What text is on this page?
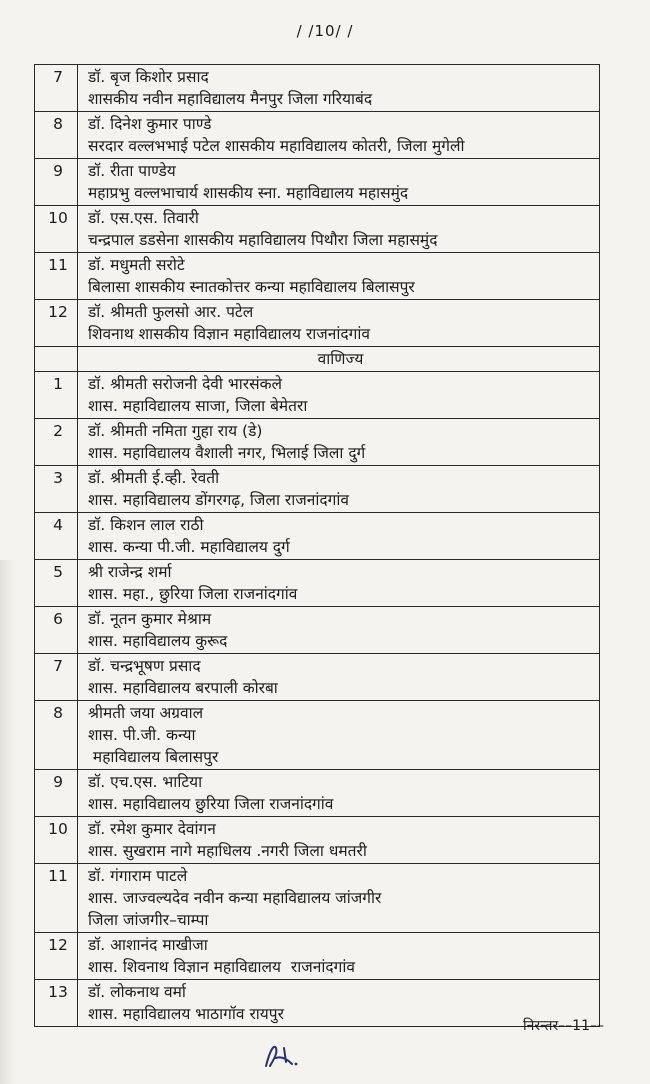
/ /10/ /
7	डॉ. बृज किशोर प्रसाद
शासकीय नवीन महाविद्यालय मैनपुर जिला गरियाबंद

8	डॉ. दिनेश कुमार पाण्डे
सरदार वल्लभभाई पटेल शासकीय महाविद्यालय कोतरी, जिला मुगेली

9	डॉ. रीता पाण्डेय
महाप्रभु वल्लभाचार्य शासकीय स्ना. महाविद्यालय महासमुंद

10	डॉ. एस.एस. तिवारी
चन्द्रपाल डडसेना शासकीय महाविद्यालय पिथौरा जिला महासमुंद

11	डॉ. मधुमती सरोटे
बिलासा शासकीय स्नातकोत्तर कन्या महाविद्यालय बिलासपुर

12	डॉ. श्रीमती फुलसो आर. पटेल
शिवनाथ शासकीय विज्ञान महाविद्यालय राजनांदगांव

	वाणिज्य
1	डॉ. श्रीमती सरोजनी देवी भारसंकले
शास. महाविद्यालय साजा, जिला बेमेतरा

2	डॉ. श्रीमती नमिता गुहा राय (डे)
शास. महाविद्यालय वैशाली नगर, भिलाई जिला दुर्ग

3	डॉ. श्रीमती ई.व्ही. रेवती
शास. महाविद्यालय डोंगरगढ़, जिला राजनांदगांव

4	डॉ. किशन लाल राठी
शास. कन्या पी.जी. महाविद्यालय दुर्ग

5	श्री राजेन्द्र शर्मा
शास. महा., छुरिया जिला राजनांदगांव

6	डॉ. नूतन कुमार मेश्राम
शास. महाविद्यालय कुरूद

7	डॉ. चन्द्रभूषण प्रसाद
शास. महाविद्यालय बरपाली कोरबा

8	श्रीमती जया अग्रवाल
शास. पी.जी. कन्या
महाविद्यालय बिलासपुर

9	डॉ. एच.एस. भाटिया
शास. महाविद्यालय छुरिया जिला राजनांदगांव

10	डॉ. रमेश कुमार देवांगन
शास. सुखराम नागे महाधिलय .नगरी जिला धमतरी

11	डॉ. गंगाराम पाटले
शास. जाज्वल्यदेव नवीन कन्या महाविद्यालय जांजगीर
जिला जांजगीर–चाम्पा

12	डॉ. आशानंद माखीजा
शास. शिवनाथ विज्ञान महाविद्यालय  राजनांदगांव

13	डॉ. लोकनाथ वर्मा
शास. महाविद्यालय भाठागॉव रायपुर
निरन्तर––11––
